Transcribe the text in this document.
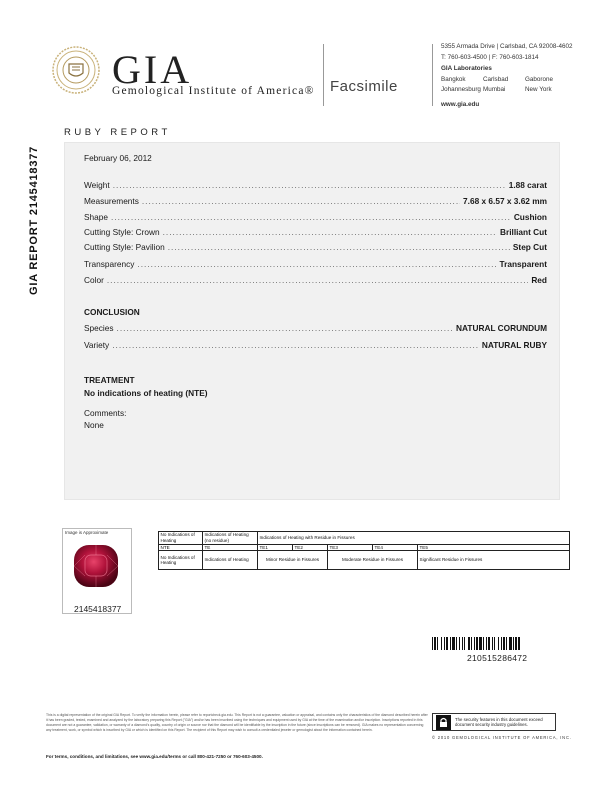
GIA
Gemological Institute of America® Facsimile
5355 Armada Drive | Carlsbad, CA 92008-4602
T: 760-603-4500 | F: 760-603-1814
GIA Laboratories
Bangkok	Carlsbad	Gaborone
Johannesburg Mumbai	New York
www.gia.edu
RUBY REPORT
GIA REPORT 2145418377	February 06, 2012
Weight .....	1.88 carat
Measurements .....	7.68 x 6.57 x 3.62 mm
Shape .....	Cushion
Cutting Style: Crown .....	Brilliant Cut
Cutting Style: Pavilion .....	Step Cut
Transparency .....	Transparent
Color .....	Red
CONCLUSION
Species .....	NATURAL CORUNDUM
Variety .....	NATURAL RUBY
TREATMENT
No indications of heating (NTE)
Comments:
None
Image is Approximate
2145418377
No Indications of Heating	Indications of Heating (no residue)	Indications of Heating with Residue in Fissures				
NTE	TE	TE1	TE2	TE3	TE4	TE5
No Indications of Heating	Indications of Heating	Minor Residue in Fissures		Moderate Residue in Fissures		Significant Residue in Fissures
210515286472
This is a digital representation of the original GIA Report. To verify the information herein, please refer to reportcheck.gia.edu. This Report is not a guarantee, valuation or appraisal, and contains only the characteristics of the diamond described herein after it has been graded, tested, examined and analyzed by the laboratory preparing this Report ("GIA") and/or has been inscribed using the techniques and equipment used by GIA at the time of the examination and/or inscription. Inscriptions reported in this document are not a guarantee, validation, or warranty of a diamond's quality, country of origin or source nor that the diamond will be identifiable by the inscription in the future (since inscriptions can be removed). GIA makes no representation concerning any treatment, work, or symbol which is inscribed by GIA or which is identified on this Report. The recipient of this Report may wish to consult a credentialed jeweler or gemologist about the information contained herein.
For terms, conditions, and limitations, see www.gia.edu/terms or call 800-421-7250 or 760-603-4500.
The security features in this document exceed document security industry guidelines.
© 2010 GEMOLOGICAL INSTITUTE OF AMERICA, INC.
